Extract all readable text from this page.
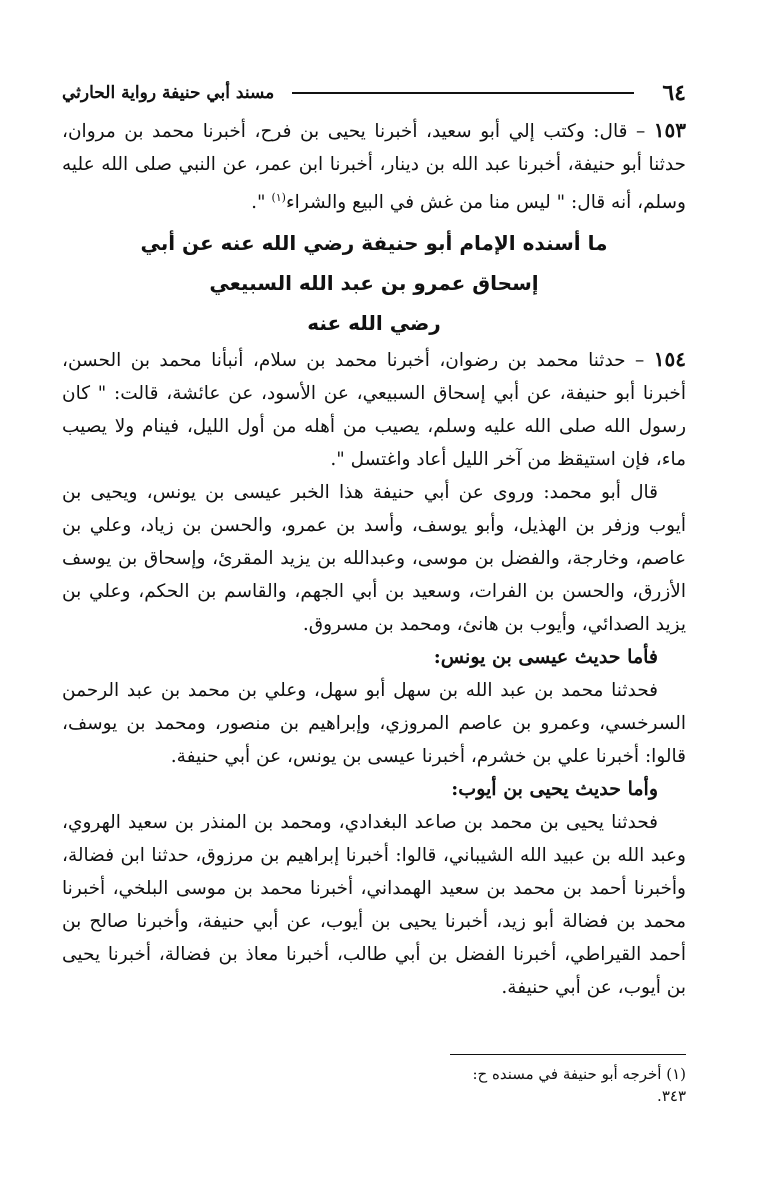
٦٤
مسند أبي حنيفة رواية الحارثي

١٥٣ – قال: وكتب إلي أبو سعيد، أخبرنا يحيى بن فرح، أخبرنا محمد بن مروان، حدثنا أبو حنيفة، أخبرنا عبد الله بن دينار، أخبرنا ابن عمر، عن النبي صلى الله عليه وسلم، أنه قال: " ليس منا من غش في البيع والشراء$^{(١)}$ ".

ما أسنده الإمام أبو حنيفة رضي الله عنه عن أبي
إسحاق عمرو بن عبد الله السبيعي
رضي الله عنه

١٥٤ – حدثنا محمد بن رضوان، أخبرنا محمد بن سلام، أنبأنا محمد بن الحسن، أخبرنا أبو حنيفة، عن أبي إسحاق السبيعي، عن الأسود، عن عائشة، قالت: " كان رسول الله صلى الله عليه وسلم، يصيب من أهله من أول الليل، فينام ولا يصيب ماء، فإن استيقظ من آخر الليل أعاد واغتسل ".

قال أبو محمد: وروى عن أبي حنيفة هذا الخبر عيسى بن يونس، ويحيى بن أيوب وزفر بن الهذيل، وأبو يوسف، وأسد بن عمرو، والحسن بن زياد، وعلي بن عاصم، وخارجة، والفضل بن موسى، وعبدالله بن يزيد المقرئ، وإسحاق بن يوسف الأزرق، والحسن بن الفرات، وسعيد بن أبي الجهم، والقاسم بن الحكم، وعلي بن يزيد الصدائي، وأيوب بن هانئ، ومحمد بن مسروق.

فأما حديث عيسى بن يونس:

فحدثنا محمد بن عبد الله بن سهل أبو سهل، وعلي بن محمد بن عبد الرحمن السرخسي، وعمرو بن عاصم المروزي، وإبراهيم بن منصور، ومحمد بن يوسف، قالوا: أخبرنا علي بن خشرم، أخبرنا عيسى بن يونس، عن أبي حنيفة.

وأما حديث يحيى بن أيوب:

فحدثنا يحيى بن محمد بن صاعد البغدادي، ومحمد بن المنذر بن سعيد الهروي، وعبد الله بن عبيد الله الشيباني، قالوا: أخبرنا إبراهيم بن مرزوق، حدثنا ابن فضالة، وأخبرنا أحمد بن محمد بن سعيد الهمداني، أخبرنا محمد بن موسى البلخي، أخبرنا محمد بن فضالة أبو زيد، أخبرنا يحيى بن أيوب، عن أبي حنيفة، وأخبرنا صالح بن أحمد القيراطي، أخبرنا الفضل بن أبي طالب، أخبرنا معاذ بن فضالة، أخبرنا يحيى بن أيوب، عن أبي حنيفة.

(١) أخرجه أبو حنيفة في مسنده ح: ٣٤٣.
